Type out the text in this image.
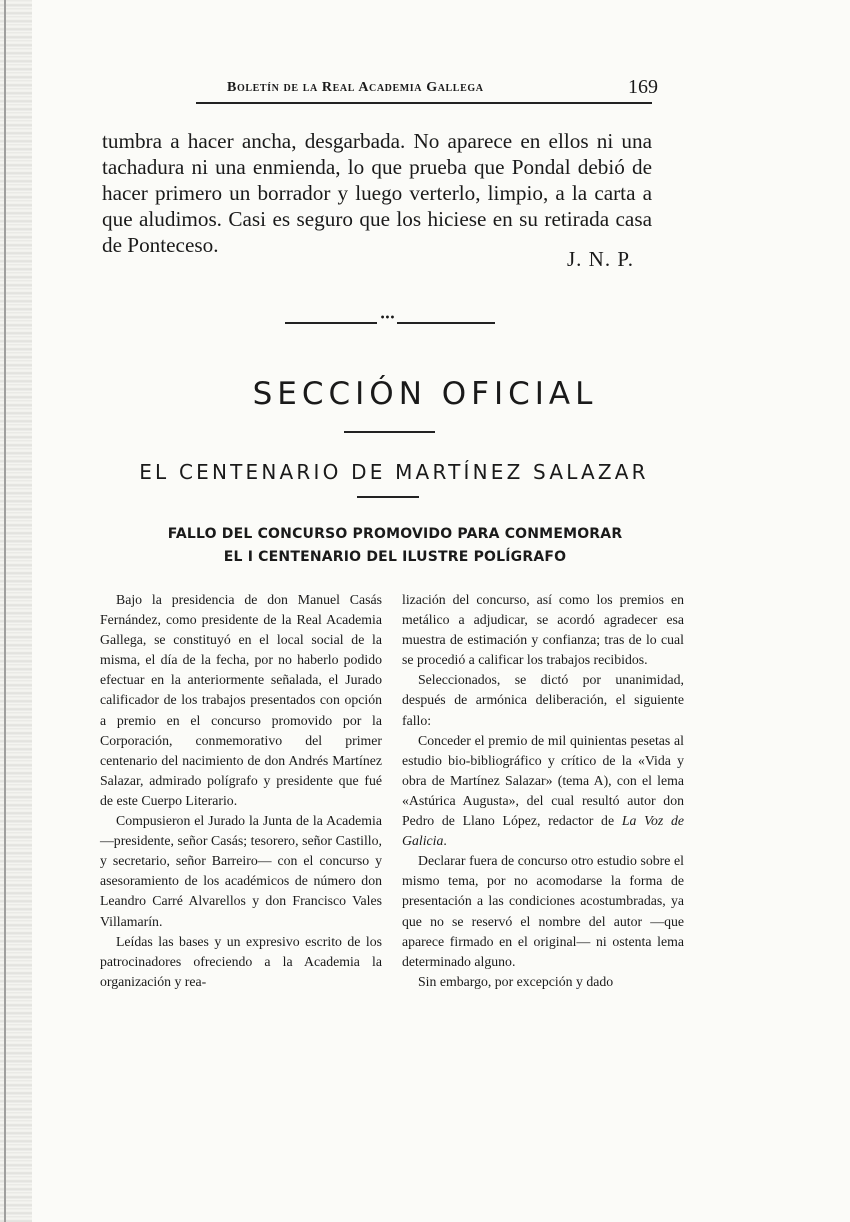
Boletín de la Real Academia Gallega	169

tumbra a hacer ancha, desgarbada. No aparece en ellos ni una tachadura ni una enmienda, lo que prueba que Pondal debió de hacer primero un borrador y luego verterlo, limpio, a la carta a que aludimos. Casi es seguro que los hiciese en su retirada casa de Ponteceso.

J. N. P.
•••
SECCIÓN OFICIAL
EL CENTENARIO DE MARTÍNEZ SALAZAR
FALLO DEL CONCURSO PROMOVIDO PARA CONMEMORAR
EL I CENTENARIO DEL ILUSTRE POLÍGRAFO

Bajo la presidencia de don Manuel Casás Fernández, como presidente de la Real Academia Gallega, se constituyó en el local social de la misma, el día de la fecha, por no haberlo podido efectuar en la anteriormente señalada, el Jurado calificador de los trabajos presentados con opción a premio en el concurso promovido por la Corporación, conmemorativo del primer centenario del nacimiento de don Andrés Martínez Salazar, admirado polígrafo y presidente que fué de este Cuerpo Literario.

Compusieron el Jurado la Junta de la Academia —presidente, señor Casás; tesorero, señor Castillo, y secretario, señor Barreiro— con el concurso y asesoramiento de los académicos de número don Leandro Carré Alvarellos y don Francisco Vales Villamarín.

Leídas las bases y un expresivo escrito de los patrocinadores ofreciendo a la Academia la organización y rea-

lización del concurso, así como los premios en metálico a adjudicar, se acordó agradecer esa muestra de estimación y confianza; tras de lo cual se procedió a calificar los trabajos recibidos.

Seleccionados, se dictó por unanimidad, después de armónica deliberación, el siguiente fallo:

Conceder el premio de mil quinientas pesetas al estudio bio-bibliográfico y crítico de la «Vida y obra de Martínez Salazar» (tema A), con el lema «Astúrica Augusta», del cual resultó autor don Pedro de Llano López, redactor de La Voz de Galicia.

Declarar fuera de concurso otro estudio sobre el mismo tema, por no acomodarse la forma de presentación a las condiciones acostumbradas, ya que no se reservó el nombre del autor —que aparece firmado en el original— ni ostenta lema determinado alguno.

Sin embargo, por excepción y dado
